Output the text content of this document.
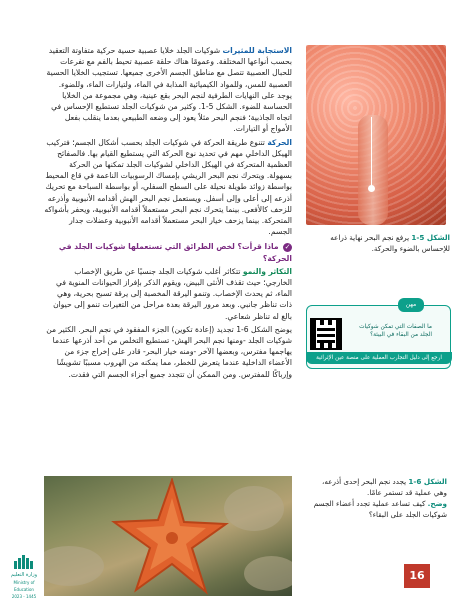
الشكل 5-1 يرفع نجم البحر نهاية ذراعه للإحساس بالضوء والحركة.
مهن
ما الصفات التي تمكن شوكيات الجلد من البقاء في البيئة؟
ارجع إلى دليل التجارب العملية على منصة عين الإثرائية

الاستجابة للمثيرات شوكيات الجلد خلايا عصبية حسية حركية متفاوتة التعقيد بحسب أنواعها المختلفة. وعمومًا هناك حلقة عصبية تحيط بالفم مع تفرعات للحبال العصبية تتصل مع مناطق الجسم الأخرى جميعها. تستجيب الخلايا الحسية العصبية للمس، وللمواد الكيميائية المذابة في الماء، ولتيارات الماء، وللضوء. يوجد على النهايات الطرفية لنجم البحر بقع عينية، وهي مجموعة من الخلايا الحساسة للضوء. الشكل 5-1. وكثير من شوكيات الجلد تستطيع الإحساس في اتجاه الجاذبية؛ فنجم البحر مثلاً يعود إلى وضعه الطبيعي بعدما ينقلب بفعل الأمواج أو التيارات.

الحركة تتنوع طريقة الحركة في شوكيات الجلد بحسب أشكال الجسم؛ فتركيب الهيكل الداخلي مهم في تحديد نوع الحركة التي يستطيع القيام بها. فالصفائح العظمية المتحركة في الهيكل الداخلي لشوكيات الجلد تمكنها من الحركة بسهولة. ويتحرك نجم البحر الريشي بإمساك الرسوبيات الناعمة في قاع المحيط بواسطة زوائد طويلة نحيلة على السطح السفلي، أو بواسطة السباحة مع تحريك أذرعه إلى أعلى وإلى أسفل. ويستعمل نجم البحر الهش أقدامه الأنبوبية وأذرعه للزحف كالأفعى. بينما يتحرك نجم البحر مستعملاً أقدامه الأنبوبية، ويحفر بأشواكه المتحركة. بينما يزحف خيار البحر مستعملاً أقدامه الأنبوبية وعضلات جدار الجسم.

✓ ماذا قرأت؟ لخص الطرائق التي تستعملها شوكيات الجلد في الحركة؟

التكاثر والنمو تتكاثر أغلب شوكيات الجلد جنسيًا عن طريق الإخصاب الخارجي؛ حيث تقذف الأنثى البيض، ويقوم الذكر بإفراز الحيوانات المنوية في الماء، ثم يحدث الإخصاب. وتنمو اليرقة المخصبة إلى يرقة تسبح بحرية، وهي ذات تناظر جانبي. وبعد مرور اليرقة بعدة مراحل من التغيرات تنمو إلى حيوان بالغ له تناظر شعاعي.

يوضح الشكل 6-1 تجديد (إعادة تكوين) الجزء المفقود في نجم البحر. الكثير من شوكيات الجلد -ومنها نجم البحر الهش- تستطيع التخلص من أحد أذرعها عندما يهاجمها مفترس، وبعضها الآخر -ومنه خيار البحر- قادر على إخراج جزء من الأعضاء الداخلية عندما يتعرض للخطر، مما يمكنه من الهروب مسببًا تشويشًا وإرباكًا للمفترس. ومن الممكن أن تتجدد جميع أجزاء الجسم التي فقدت.

الشكل 6-1 يجدد نجم البحر إحدى أذرعه، وهي عملية قد تستمر عامًا.
وضح. كيف تساعد عملية تجدد أعضاء الجسم شوكيات الجلد على البقاء؟
16
وزارة التعليم
Ministry of Education
2023 - 1445
